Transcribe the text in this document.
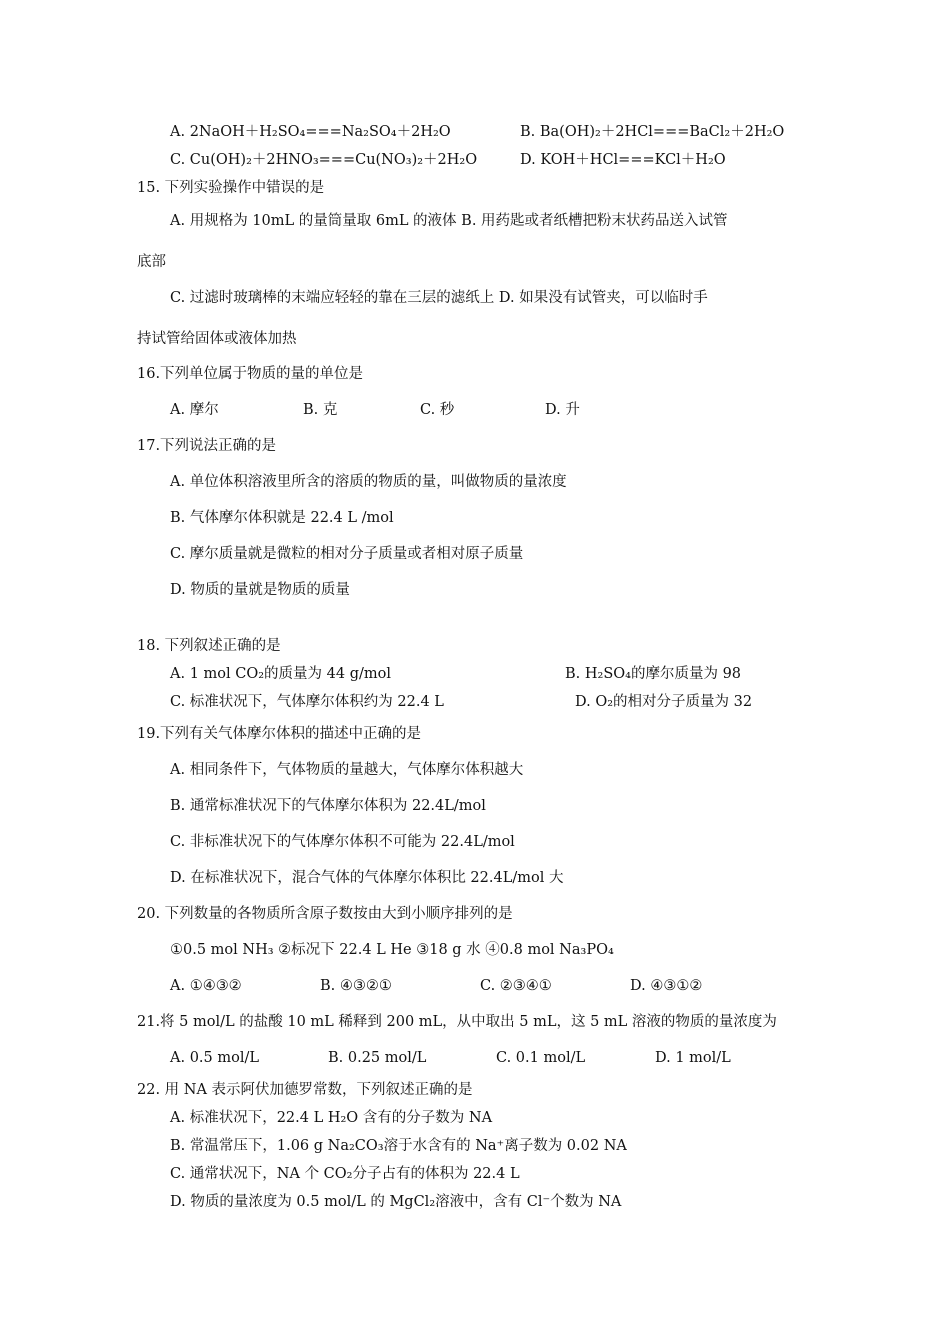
A. 2NaOH＋H₂SO₄===Na₂SO₄＋2H₂O	B. Ba(OH)₂＋2HCl===BaCl₂＋2H₂O
C. Cu(OH)₂＋2HNO₃===Cu(NO₃)₂＋2H₂O	D. KOH＋HCl===KCl＋H₂O
15. 下列实验操作中错误的是
A. 用规格为 10mL 的量筒量取 6mL 的液体 B. 用药匙或者纸槽把粉末状药品送入试管
底部
C. 过滤时玻璃棒的末端应轻轻的靠在三层的滤纸上 D. 如果没有试管夹，可以临时手
持试管给固体或液体加热
16.下列单位属于物质的量的单位是
A. 摩尔	B. 克	C. 秒	D. 升
17.下列说法正确的是
A. 单位体积溶液里所含的溶质的物质的量，叫做物质的量浓度
B. 气体摩尔体积就是 22.4 L /mol
C. 摩尔质量就是微粒的相对分子质量或者相对原子质量
D. 物质的量就是物质的质量
18. 下列叙述正确的是
A. 1 mol CO₂的质量为 44 g/mol	B. H₂SO₄的摩尔质量为 98
C. 标准状况下，气体摩尔体积约为 22.4 L	D. O₂的相对分子质量为 32
19.下列有关气体摩尔体积的描述中正确的是
A. 相同条件下，气体物质的量越大，气体摩尔体积越大
B. 通常标准状况下的气体摩尔体积为 22.4L/mol
C. 非标准状况下的气体摩尔体积不可能为 22.4L/mol
D. 在标准状况下，混合气体的气体摩尔体积比 22.4L/mol 大
20. 下列数量的各物质所含原子数按由大到小顺序排列的是
①0.5 mol NH₃ ②标况下 22.4 L He ③18 g 水 ④0.8 mol Na₃PO₄
A. ①④③②	B. ④③②①	C. ②③④①	D. ④③①②
21.将 5 mol/L 的盐酸 10 mL 稀释到 200 mL，从中取出 5 mL，这 5 mL 溶液的物质的量浓度为
A. 0.5 mol/L	B. 0.25 mol/L	C. 0.1 mol/L	D. 1 mol/L
22. 用 NA 表示阿伏加德罗常数，下列叙述正确的是
A. 标准状况下，22.4 L H₂O 含有的分子数为 NA
B. 常温常压下，1.06 g Na₂CO₃溶于水含有的 Na⁺离子数为 0.02 NA
C. 通常状况下，NA 个 CO₂分子占有的体积为 22.4 L
D. 物质的量浓度为 0.5 mol/L 的 MgCl₂溶液中，含有 Cl⁻个数为 NA
